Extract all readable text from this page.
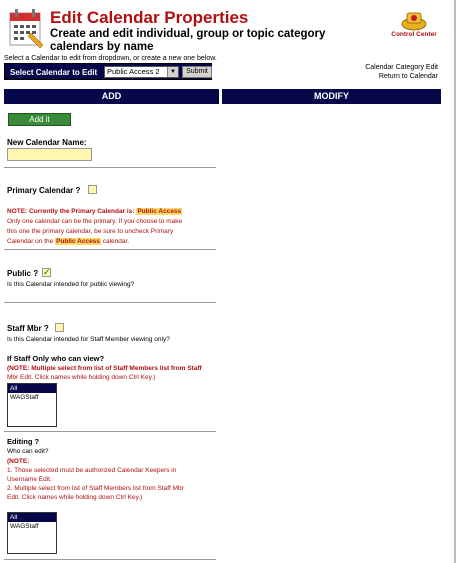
Edit Calendar Properties
Create and edit individual, group or topic category calendars by name
Control Center
Select a Calendar to edit from dropdown, or create a new one below.
Select Calendar to Edit	Public Access 2	▼	Submit
Calendar Category Edit
Return to Calendar
ADD	MODIFY
Add it
New Calendar Name:
Primary Calendar ?
NOTE: Currently the Primary Calendar is: Public Access
Only one calendar can be the primary. If you choose to make
this one the primary calendar, be sure to uncheck Primary
Calendar on the Public Access calendar.
Public ? ✓
Is this Calendar intended for public viewing?
Staff Mbr ?
Is this Calendar intended for Staff Member viewing only?
If Staff Only who can view?
(NOTE: Multiple select from list of Staff Members list from Staff
Mbr Edit. Click names while holding down Ctrl Key.)
All
WAGStaff
Editing ?
Who can edit?
(NOTE:
1. Those selected must be authorized Calendar Keepers in
Username Edit.
2. Multiple select from list of Staff Members list from Staff Mbr
Edit. Click names while holding down Ctrl Key.)
All
WAGStaff
